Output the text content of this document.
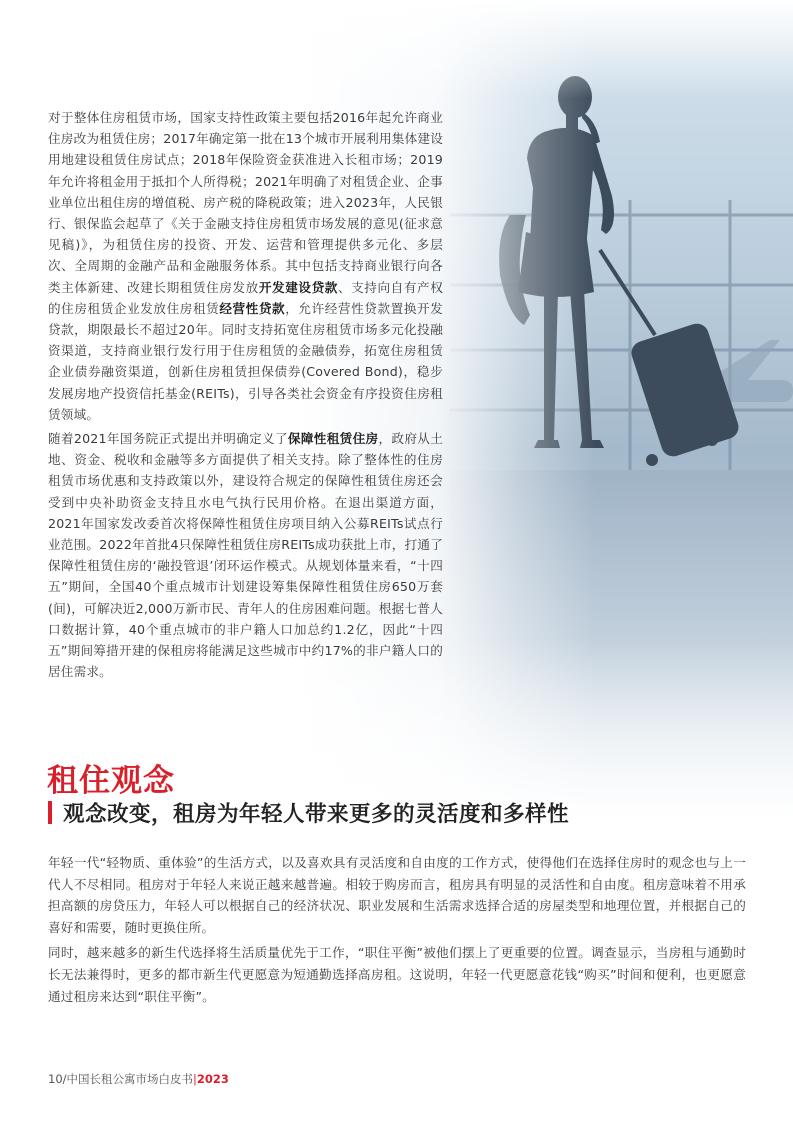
对于整体住房租赁市场，国家支持性政策主要包括2016年起允许商业住房改为租赁住房；2017年确定第一批在13个城市开展利用集体建设用地建设租赁住房试点；2018年保险资金获准进入长租市场；2019年允许将租金用于抵扣个人所得税；2021年明确了对租赁企业、企事业单位出租住房的增值税、房产税的降税政策；进入2023年，人民银行、银保监会起草了《关于金融支持住房租赁市场发展的意见(征求意见稿)》，为租赁住房的投资、开发、运营和管理提供多元化、多层次、全周期的金融产品和金融服务体系。其中包括支持商业银行向各类主体新建、改建长期租赁住房发放开发建设贷款、支持向自有产权的住房租赁企业发放住房租赁经营性贷款，允许经营性贷款置换开发贷款，期限最长不超过20年。同时支持拓宽住房租赁市场多元化投融资渠道，支持商业银行发行用于住房租赁的金融债券，拓宽住房租赁企业债券融资渠道，创新住房租赁担保债券(Covered Bond)，稳步发展房地产投资信托基金(REITs)，引导各类社会资金有序投资住房租赁领域。

随着2021年国务院正式提出并明确定义了保障性租赁住房，政府从土地、资金、税收和金融等多方面提供了相关支持。除了整体性的住房租赁市场优惠和支持政策以外，建设符合规定的保障性租赁住房还会受到中央补助资金支持且水电气执行民用价格。在退出渠道方面，2021年国家发改委首次将保障性租赁住房项目纳入公募REITs试点行业范围。2022年首批4只保障性租赁住房REITs成功获批上市，打通了保障性租赁住房的‘融投管退’闭环运作模式。从规划体量来看，“十四五”期间，全国40个重点城市计划建设筹集保障性租赁住房650万套(间)，可解决近2,000万新市民、青年人的住房困难问题。根据七普人口数据计算，40个重点城市的非户籍人口加总约1.2亿，因此“十四五”期间筹措开建的保租房将能满足这些城市中约17%的非户籍人口的居住需求。

租住观念
观念改变，租房为年轻人带来更多的灵活度和多样性

年轻一代“轻物质、重体验”的生活方式，以及喜欢具有灵活度和自由度的工作方式，使得他们在选择住房时的观念也与上一代人不尽相同。租房对于年轻人来说正越来越普遍。相较于购房而言，租房具有明显的灵活性和自由度。租房意味着不用承担高额的房贷压力，年轻人可以根据自己的经济状况、职业发展和生活需求选择合适的房屋类型和地理位置，并根据自己的喜好和需要，随时更换住所。

同时，越来越多的新生代选择将生活质量优先于工作，“职住平衡”被他们摆上了更重要的位置。调查显示，当房租与通勤时长无法兼得时，更多的都市新生代更愿意为短通勤选择高房租。这说明，年轻一代更愿意花钱“购买”时间和便利，也更愿意通过租房来达到“职住平衡”。

10/中国长租公寓市场白皮书|2023
